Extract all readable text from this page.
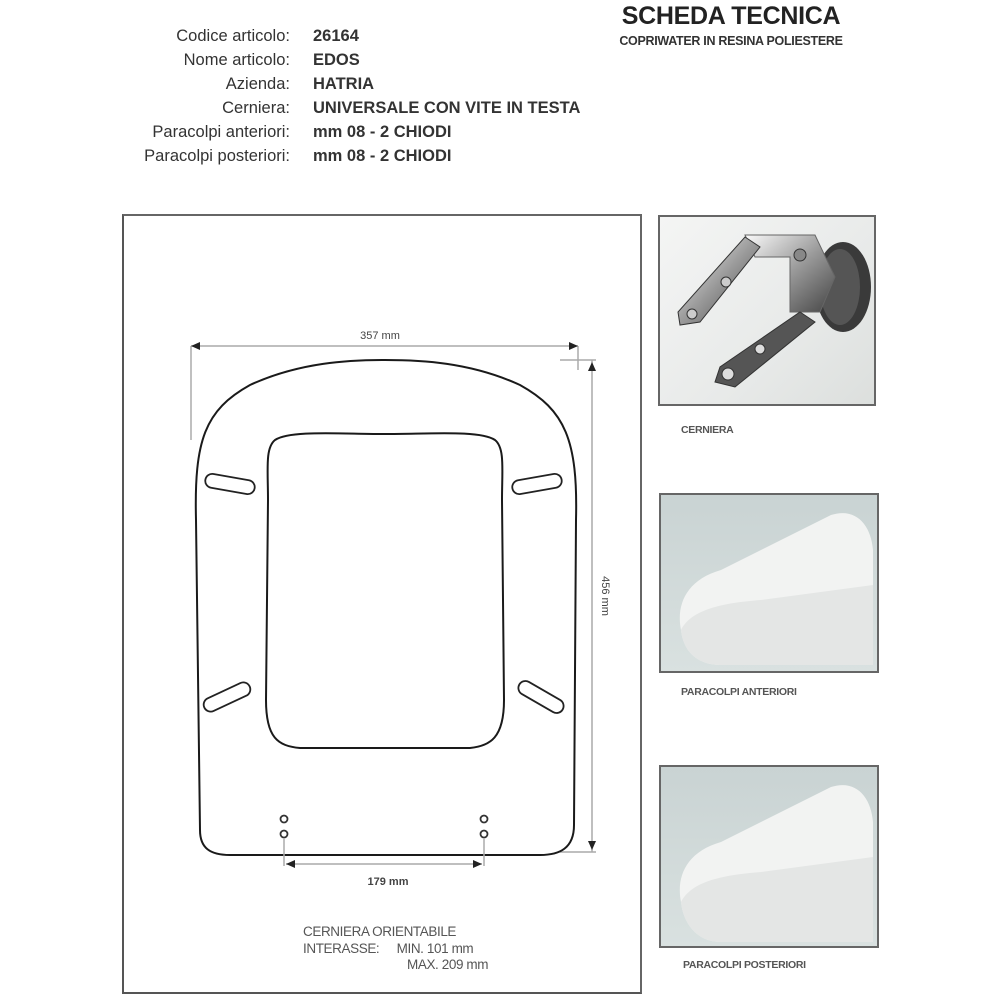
SCHEDA TECNICA
COPRIWATER IN RESINA POLIESTERE
Codice articolo: 26164
Nome articolo: EDOS
Azienda: HATRIA
Cerniera: UNIVERSALE CON VITE IN TESTA
Paracolpi anteriori: mm 08 - 2 CHIODI
Paracolpi posteriori: mm 08 - 2 CHIODI
357 mm
456 mm
179 mm
CERNIERA ORIENTABILE
INTERASSE: MIN. 101 mm
MAX. 209 mm
CERNIERA
PARACOLPI ANTERIORI
PARACOLPI POSTERIORI
